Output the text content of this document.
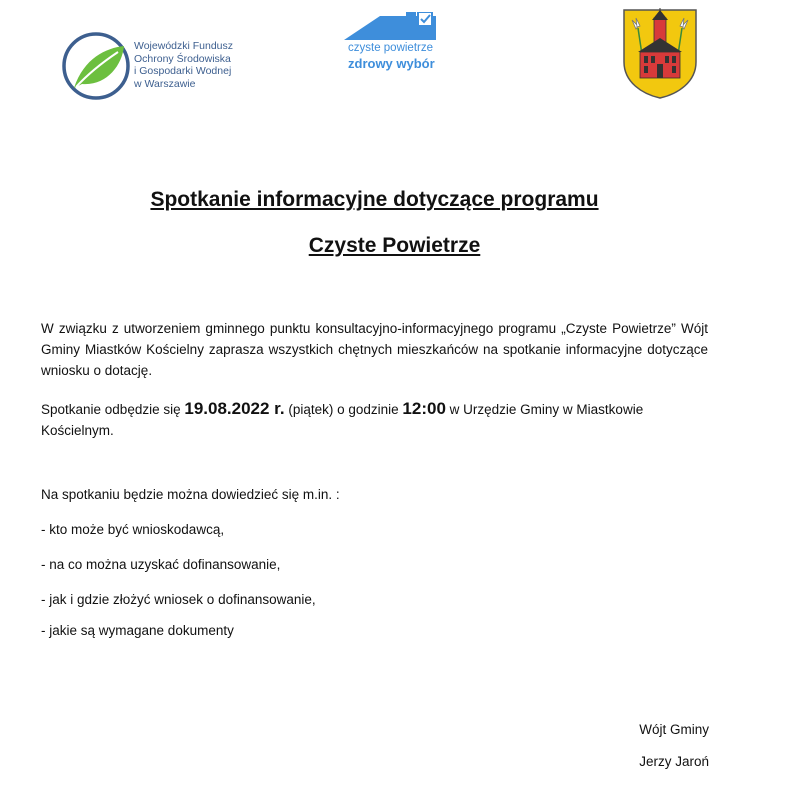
Wojewódzki Fundusz
Ochrony Środowiska
i Gospodarki Wodnej
w Warszawie
czyste powietrze
zdrowy wybór
Spotkanie informacyjne dotyczące programu
Czyste Powietrze
W związku z utworzeniem gminnego punktu konsultacyjno-informacyjnego programu „Czyste Powietrze” Wójt Gminy Miastków Kościelny zaprasza wszystkich chętnych mieszkańców na spotkanie informacyjne dotyczące wniosku o dotację.
Spotkanie odbędzie się 19.08.2022 r. (piątek) o godzinie 12:00 w Urzędzie Gminy w Miastkowie Kościelnym.
Na spotkaniu będzie można dowiedzieć się m.in. :
- kto może być wnioskodawcą,
- na co można uzyskać dofinansowanie,
- jak i gdzie złożyć wniosek o dofinansowanie,
- jakie są wymagane dokumenty
Wójt Gminy
Jerzy Jaroń
